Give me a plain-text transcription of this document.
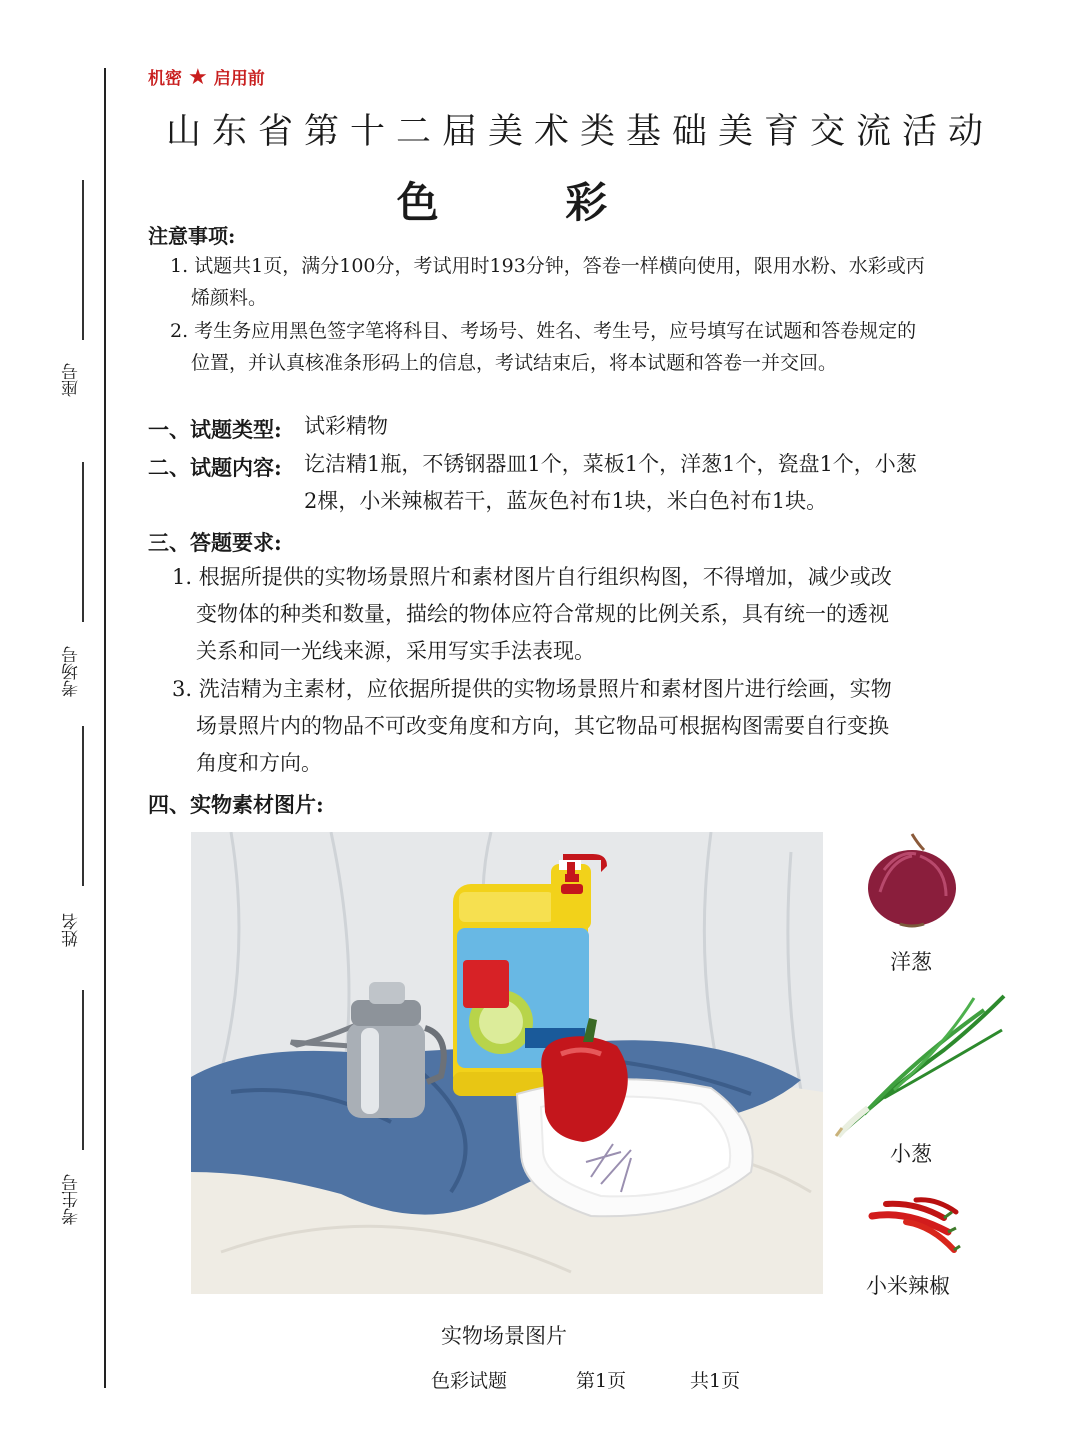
座号
考场号
姓名
考生号
机密 ★ 启用前
山东省第十二届美术类基础美育交流活动
色 彩
注意事项:
1. 试题共1页，满分100分，考试用时193分钟，答卷一样横向使用，限用水粉、水彩或丙
烯颜料。
2. 考生务应用黑色签字笔将科目、考场号、姓名、考生号，应号填写在试题和答卷规定的
位置，并认真核准条形码上的信息，考试结束后，将本试题和答卷一并交回。
一、试题类型: 试彩精物
二、试题内容: 讫洁精1瓶，不锈钢器皿1个，菜板1个，洋葱1个，瓷盘1个，小葱
2棵，小米辣椒若干，蓝灰色衬布1块，米白色衬布1块。
三、答题要求:
1. 根据所提供的实物场景照片和素材图片自行组织构图，不得增加，减少或改
变物体的种类和数量，描绘的物体应符合常规的比例关系，具有统一的透视
关系和同一光线来源，采用写实手法表现。
3. 洗洁精为主素材，应依据所提供的实物场景照片和素材图片进行绘画，实物
场景照片内的物品不可改变角度和方向，其它物品可根据构图需要自行变换
角度和方向。
四、实物素材图片:
洋葱
小葱
小米辣椒
实物场景图片
色彩试题	第1页	共1页
